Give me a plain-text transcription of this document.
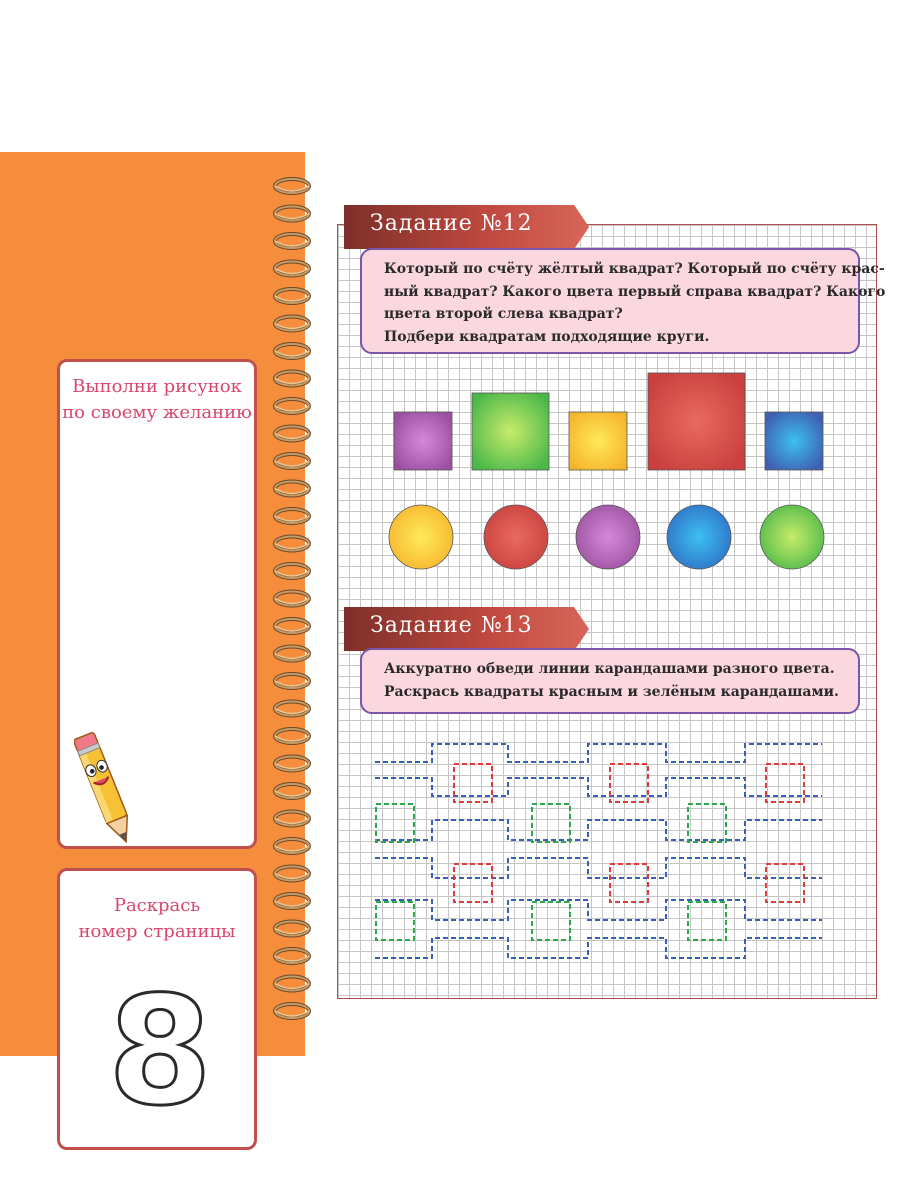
Выполни рисунок
по своему желанию
Раскрась
номер страницы
8
Задание №12
Который по счёту жёлтый квадрат? Который по счёту крас-
ный квадрат? Какого цвета первый справа квадрат? Какого
цвета второй слева квадрат?
Подбери квадратам подходящие круги.
Задание №13
Аккуратно обведи линии карандашами разного цвета.
Раскрась квадраты красным и зелёным карандашами.
